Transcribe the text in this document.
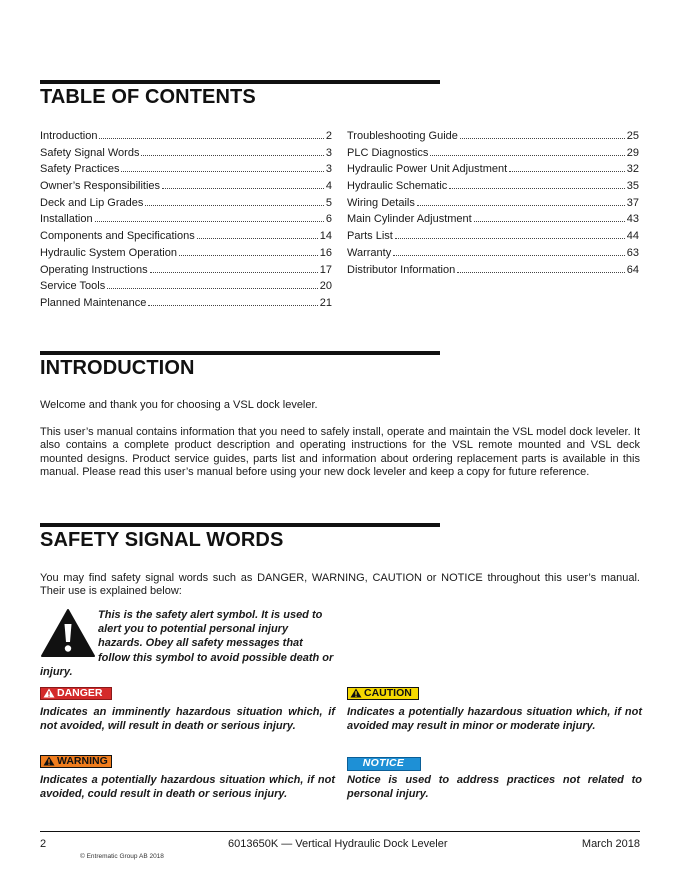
TABLE OF CONTENTS
Introduction	2
Safety Signal Words	3
Safety Practices	3
Owner’s Responsibilities	4
Deck and Lip Grades	5
Installation	6
Components and Specifications	14
Hydraulic System Operation	16
Operating Instructions	17
Service Tools	20
Planned Maintenance	21
Troubleshooting Guide	25
PLC Diagnostics	29
Hydraulic Power Unit Adjustment	32
Hydraulic Schematic	35
Wiring Details	37
Main Cylinder Adjustment	43
Parts List	44
Warranty	63
Distributor Information	64
INTRODUCTION

Welcome and thank you for choosing a VSL dock leveler.

This user’s manual contains information that you need to safely install, operate and maintain the VSL model dock leveler. It also contains a complete product description and operating instructions for the VSL remote mounted and VSL deck mounted designs. Product service guides, parts list and information about ordering replacement parts is available in this manual. Please read this user’s manual before using your new dock leveler and keep a copy for future reference.

SAFETY SIGNAL WORDS

You may find safety signal words such as DANGER, WARNING, CAUTION or NOTICE throughout this user’s manual. Their use is explained below:

This is the safety alert symbol. It is used to alert you to potential personal injury hazards. Obey all safety messages that follow this symbol to avoid possible death or injury.

DANGER

Indicates an imminently hazardous situation which, if not avoided, will result in death or serious injury.

CAUTION

Indicates a potentially hazardous situation which, if not avoided may result in minor or moderate injury.

WARNING

Indicates a potentially hazardous situation which, if not avoided, could result in death or serious injury.

NOTICE

Notice is used to address practices not related to personal injury.

2	6013650K — Vertical Hydraulic Dock Leveler	March 2018
© Entrematic Group AB 2018
